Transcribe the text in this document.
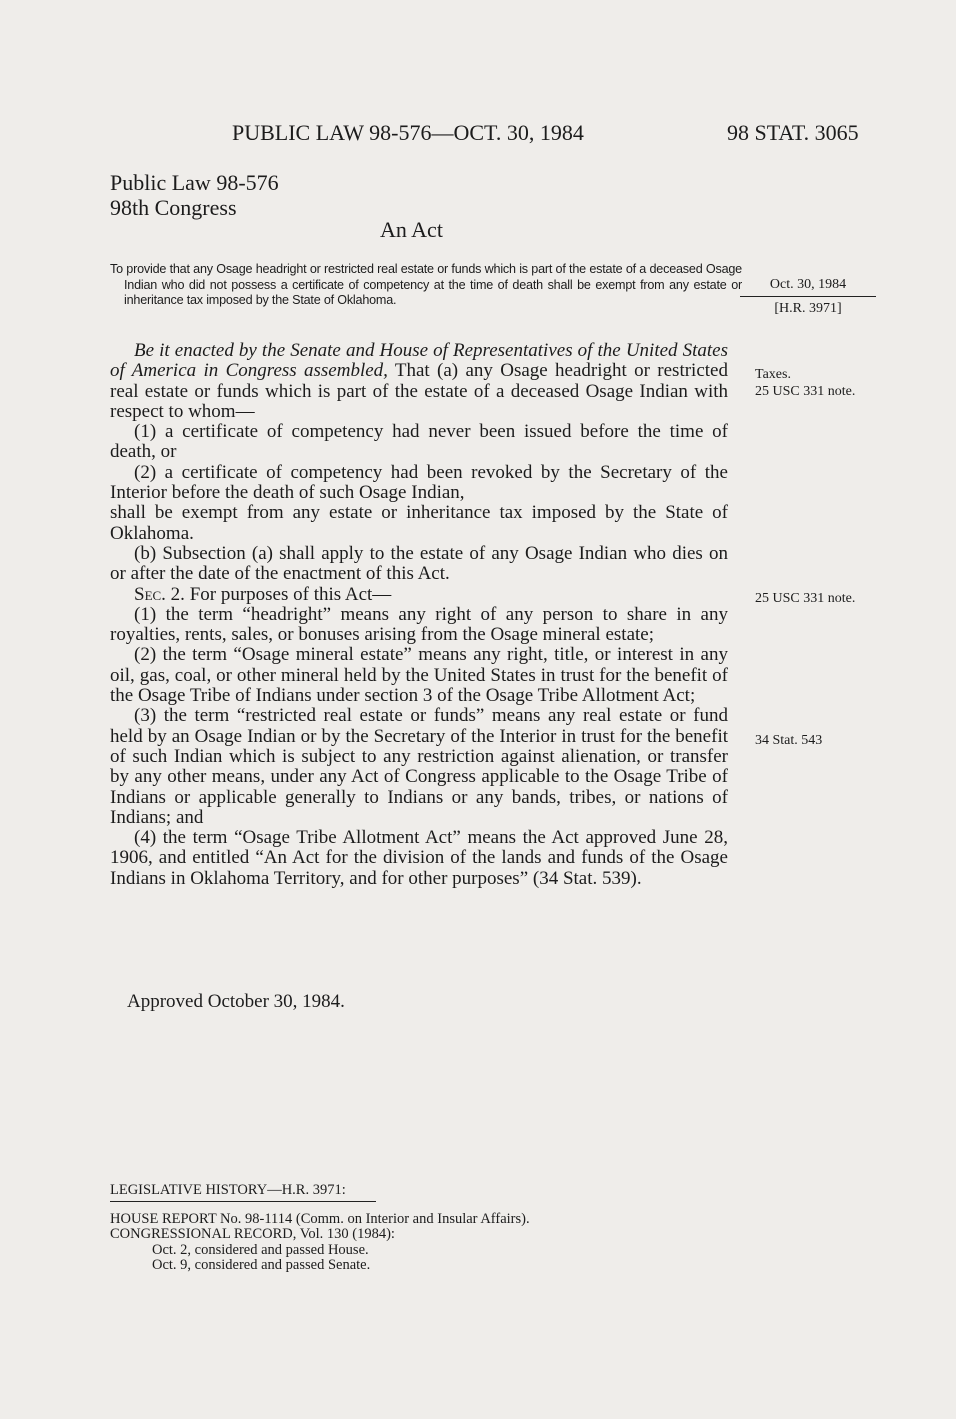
PUBLIC LAW 98-576—OCT. 30, 1984	98 STAT. 3065
Public Law 98-576
98th Congress
An Act
To provide that any Osage headright or restricted real estate or funds which is part of the estate of a deceased Osage Indian who did not possess a certificate of competency at the time of death shall be exempt from any estate or inheritance tax imposed by the State of Oklahoma.
Oct. 30, 1984
[H.R. 3971]
Taxes.
25 USC 331 note.
25 USC 331 note.
34 Stat. 543

Be it enacted by the Senate and House of Representatives of the United States of America in Congress assembled, That (a) any Osage headright or restricted real estate or funds which is part of the estate of a deceased Osage Indian with respect to whom—

(1) a certificate of competency had never been issued before the time of death, or

(2) a certificate of competency had been revoked by the Secretary of the Interior before the death of such Osage Indian,

shall be exempt from any estate or inheritance tax imposed by the State of Oklahoma.

(b) Subsection (a) shall apply to the estate of any Osage Indian who dies on or after the date of the enactment of this Act.

Sec. 2. For purposes of this Act—

(1) the term “headright” means any right of any person to share in any royalties, rents, sales, or bonuses arising from the Osage mineral estate;

(2) the term “Osage mineral estate” means any right, title, or interest in any oil, gas, coal, or other mineral held by the United States in trust for the benefit of the Osage Tribe of Indians under section 3 of the Osage Tribe Allotment Act;

(3) the term “restricted real estate or funds” means any real estate or fund held by an Osage Indian or by the Secretary of the Interior in trust for the benefit of such Indian which is subject to any restriction against alienation, or transfer by any other means, under any Act of Congress applicable to the Osage Tribe of Indians or applicable generally to Indians or any bands, tribes, or nations of Indians; and

(4) the term “Osage Tribe Allotment Act” means the Act approved June 28, 1906, and entitled “An Act for the division of the lands and funds of the Osage Indians in Oklahoma Territory, and for other purposes” (34 Stat. 539).

Approved October 30, 1984.
LEGISLATIVE HISTORY—H.R. 3971:
HOUSE REPORT No. 98-1114 (Comm. on Interior and Insular Affairs).
CONGRESSIONAL RECORD, Vol. 130 (1984):
Oct. 2, considered and passed House.
Oct. 9, considered and passed Senate.
